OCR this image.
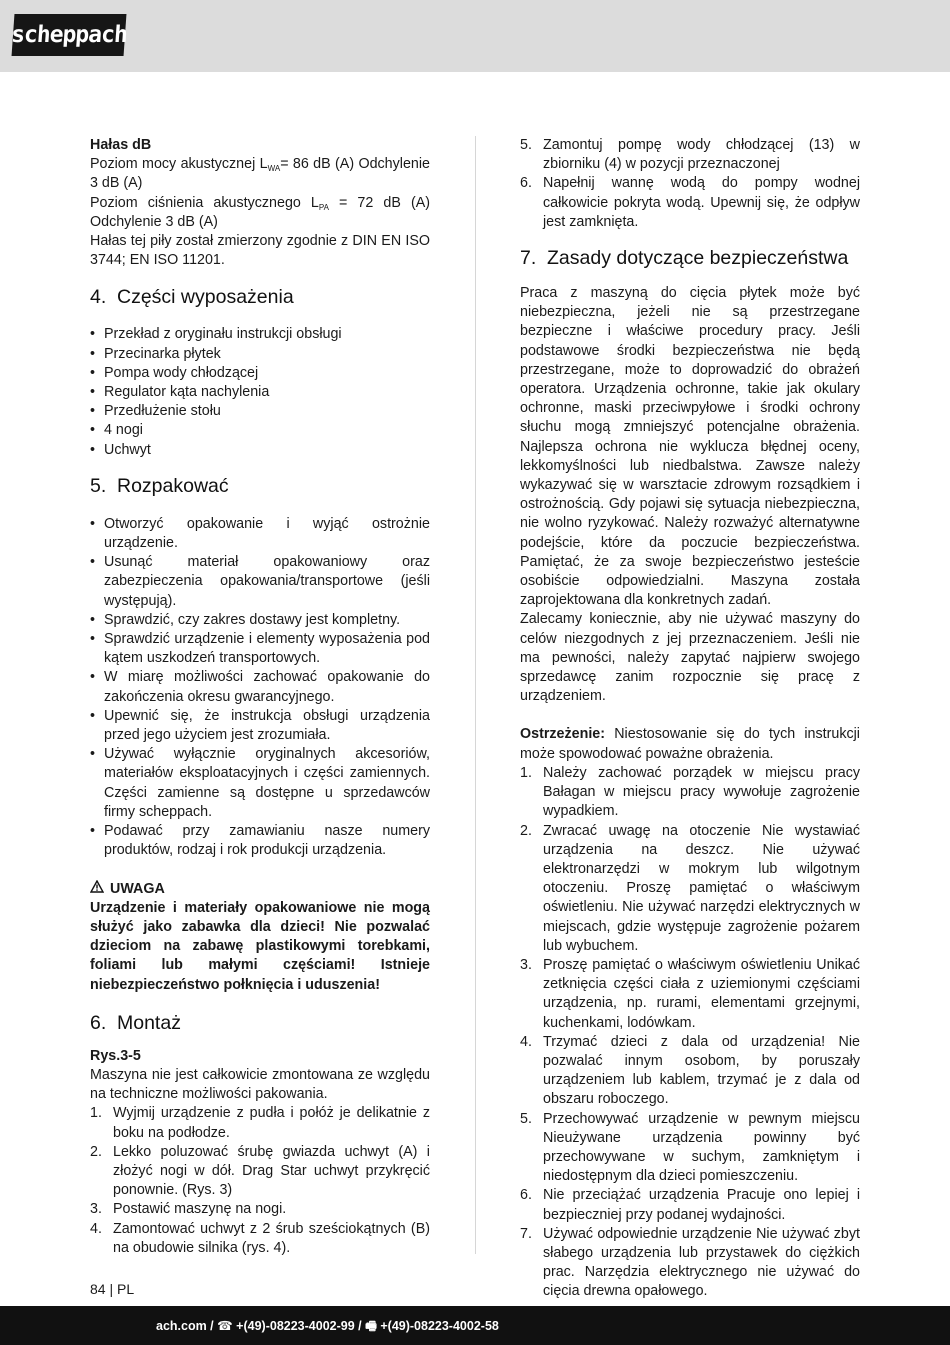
scheppach
Hałas dB

Poziom mocy akustycznej $L_{WA}= 86$ dB (A) Odchylenie 3 dB (A)

Poziom ciśnienia akustycznego $L_{PA} = 72$ dB (A) Odchylenie 3 dB (A)

Hałas tej piły został zmierzony zgodnie z DIN EN ISO 3744; EN ISO 11201.

4. Części wyposażenia
• Przekład z oryginału instrukcji obsługi
• Przecinarka płytek
• Pompa wody chłodzącej
• Regulator kąta nachylenia
• Przedłużenie stołu
• 4 nogi
• Uchwyt
5. Rozpakować
• Otworzyć opakowanie i wyjąć ostrożnie urządzenie.
• Usunąć materiał opakowaniowy oraz zabezpieczenia opakowania/transportowe (jeśli występują).
• Sprawdzić, czy zakres dostawy jest kompletny.
• Sprawdzić urządzenie i elementy wyposażenia pod kątem uszkodzeń transportowych.
• W miarę możliwości zachować opakowanie do zakończenia okresu gwarancyjnego.
• Upewnić się, że instrukcja obsługi urządzenia przed jego użyciem jest zrozumiała.
• Używać wyłącznie oryginalnych akcesoriów, materiałów eksploatacyjnych i części zamiennych. Części zamienne są dostępne u sprzedawców firmy scheppach.
• Podawać przy zamawianiu nasze numery produktów, rodzaj i rok produkcji urządzenia.
UWAGA

Urządzenie i materiały opakowaniowe nie mogą służyć jako zabawka dla dzieci! Nie pozwalać dzieciom na zabawę plastikowymi torebkami, foliami lub małymi częściami! Istnieje niebezpieczeństwo połknięcia i uduszenia!

6. Montaż
Rys.3-5

Maszyna nie jest całkowicie zmontowana ze względu na techniczne możliwości pakowania.

1. Wyjmij urządzenie z pudła i połóż je delikatnie z boku na podłodze.
2. Lekko poluzować śrubę gwiazda uchwyt (A) i złożyć nogi w dół. Drag Star uchwyt przykręcić ponownie. (Rys. 3)
3. Postawić maszynę na nogi.
4. Zamontować uchwyt z 2 śrub sześciokątnych (B) na obudowie silnika (rys. 4).
5. Zamontuj pompę wody chłodzącej (13) w zbiorniku (4) w pozycji przeznaczonej
6. Napełnij wannę wodą do pompy wodnej całkowicie pokryta wodą. Upewnij się, że odpływ jest zamknięta.
7. Zasady dotyczące bezpieczeństwa

Praca z maszyną do cięcia płytek może być niebezpieczna, jeżeli nie są przestrzegane bezpieczne i właściwe procedury pracy. Jeśli podstawowe środki bezpieczeństwa nie będą przestrzegane, może to doprowadzić do obrażeń operatora. Urządzenia ochronne, takie jak okulary ochronne, maski przeciwpyłowe i środki ochrony słuchu mogą zmniejszyć potencjalne obrażenia. Najlepsza ochrona nie wyklucza błędnej oceny, lekkomyślności lub niedbalstwa. Zawsze należy wykazywać się w warsztacie zdrowym rozsądkiem i ostrożnością. Gdy pojawi się sytuacja niebezpieczna, nie wolno ryzykować. Należy rozważyć alternatywne podejście, które da poczucie bezpieczeństwa. Pamiętać, że za swoje bezpieczeństwo jesteście osobiście odpowiedzialni. Maszyna została zaprojektowana dla konkretnych zadań.

Zalecamy koniecznie, aby nie używać maszyny do celów niezgodnych z jej przeznaczeniem. Jeśli nie ma pewności, należy zapytać najpierw swojego sprzedawcę zanim rozpocznie się pracę z urządzeniem.

Ostrzeżenie: Niestosowanie się do tych instrukcji może spowodować poważne obrażenia.

1. Należy zachować porządek w miejscu pracy Bałagan w miejscu pracy wywołuje zagrożenie wypadkiem.
2. Zwracać uwagę na otoczenie Nie wystawiać urządzenia na deszcz. Nie używać elektronarzędzi w mokrym lub wilgotnym otoczeniu. Proszę pamiętać o właściwym oświetleniu. Nie używać narzędzi elektrycznych w miejscach, gdzie występuje zagrożenie pożarem lub wybuchem.
3. Proszę pamiętać o właściwym oświetleniu Unikać zetknięcia części ciała z uziemionymi częściami urządzenia, np. rurami, elementami grzejnymi, kuchenkami, lodówkam.
4. Trzymać dzieci z dala od urządzenia! Nie pozwalać innym osobom, by poruszały urządzeniem lub kablem, trzymać je z dala od obszaru roboczego.
5. Przechowywać urządzenie w pewnym miejscu Nieużywane urządzenia powinny być przechowywane w suchym, zamkniętym i niedostępnym dla dzieci pomieszczeniu.
6. Nie przeciążać urządzenia Pracuje ono lepiej i bezpieczniej przy podanej wydajności.
7. Używać odpowiednie urządzenie Nie używać zbyt słabego urządzenia lub przystawek do ciężkich prac. Narzędzia elektrycznego nie używać do cięcia drewna opałowego.
84 | PL
ach.com / ☎ +(49)-08223-4002-99 / 🖷 +(49)-08223-4002-58
